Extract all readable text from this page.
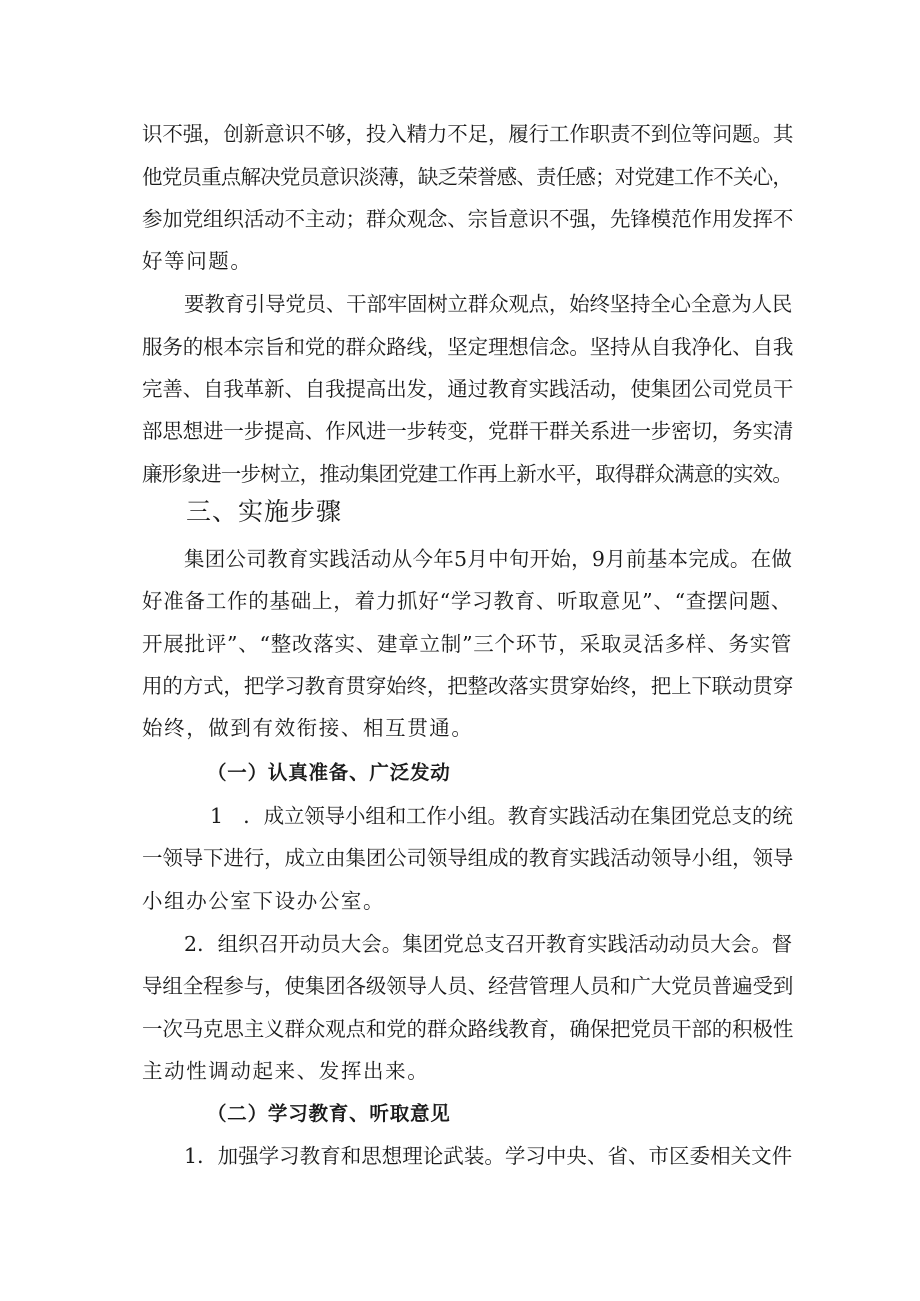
识不强，创新意识不够，投入精力不足，履行工作职责不到位等问题。其
他党员重点解决党员意识淡薄，缺乏荣誉感、责任感；对党建工作不关心，
参加党组织活动不主动；群众观念、宗旨意识不强，先锋模范作用发挥不
好等问题。
要教育引导党员、干部牢固树立群众观点，始终坚持全心全意为人民
服务的根本宗旨和党的群众路线，坚定理想信念。坚持从自我净化、自我
完善、自我革新、自我提高出发，通过教育实践活动，使集团公司党员干
部思想进一步提高、作风进一步转变，党群干群关系进一步密切，务实清
廉形象进一步树立，推动集团党建工作再上新水平，取得群众满意的实效。
三、实施步骤
集团公司教育实践活动从今年5月中旬开始，9月前基本完成。在做
好准备工作的基础上，着力抓好“学习教育、听取意见”、“查摆问题、
开展批评”、“整改落实、建章立制”三个环节，采取灵活多样、务实管
用的方式，把学习教育贯穿始终，把整改落实贯穿始终，把上下联动贯穿
始终，做到有效衔接、相互贯通。
（一）认真准备、广泛发动
1　．成立领导小组和工作小组。教育实践活动在集团党总支的统
一领导下进行，成立由集团公司领导组成的教育实践活动领导小组，领导
小组办公室下设办公室。
2．组织召开动员大会。集团党总支召开教育实践活动动员大会。督
导组全程参与，使集团各级领导人员、经营管理人员和广大党员普遍受到
一次马克思主义群众观点和党的群众路线教育，确保把党员干部的积极性
主动性调动起来、发挥出来。
（二）学习教育、听取意见
1．加强学习教育和思想理论武装。学习中央、省、市区委相关文件
